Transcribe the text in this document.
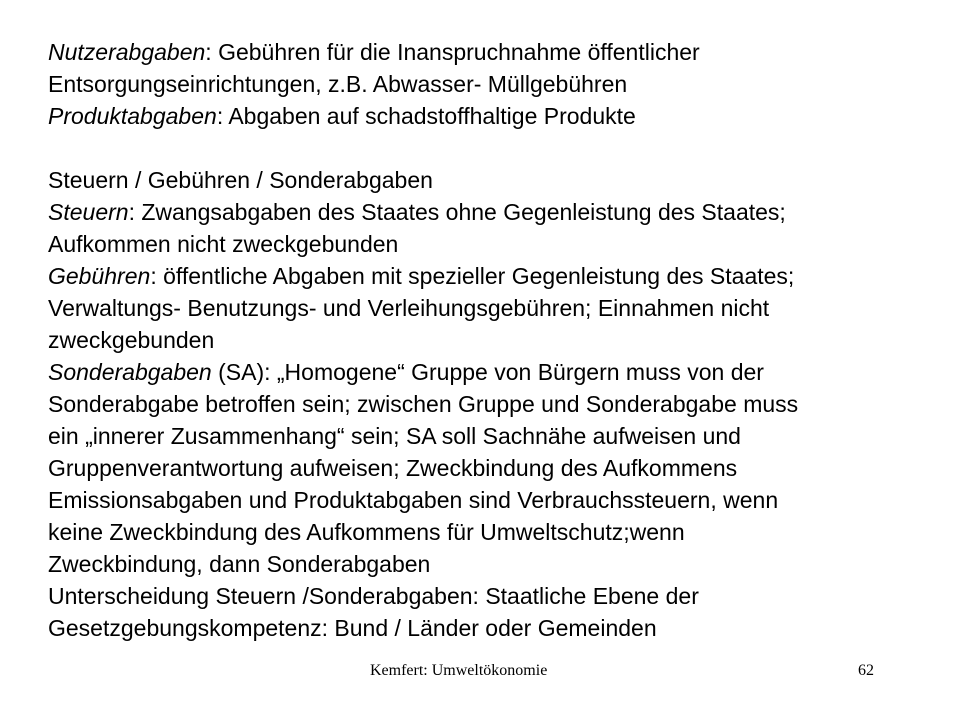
Nutzerabgaben: Gebühren für die Inanspruchnahme öffentlicher
Entsorgungseinrichtungen, z.B. Abwasser- Müllgebühren
Produktabgaben: Abgaben auf schadstoffhaltige Produkte
Steuern / Gebühren / Sonderabgaben
Steuern: Zwangsabgaben des Staates ohne Gegenleistung des Staates;
Aufkommen nicht zweckgebunden
Gebühren: öffentliche Abgaben mit spezieller Gegenleistung des Staates;
Verwaltungs- Benutzungs- und Verleihungsgebühren; Einnahmen nicht
zweckgebunden
Sonderabgaben (SA): „Homogene“ Gruppe von Bürgern muss von der
Sonderabgabe betroffen sein; zwischen Gruppe und Sonderabgabe muss
ein „innerer Zusammenhang“ sein; SA soll Sachnähe aufweisen und
Gruppenverantwortung aufweisen; Zweckbindung des Aufkommens
Emissionsabgaben und Produktabgaben sind Verbrauchssteuern, wenn
keine Zweckbindung des Aufkommens für Umweltschutz;wenn
Zweckbindung, dann Sonderabgaben
Unterscheidung Steuern /Sonderabgaben: Staatliche Ebene der
Gesetzgebungskompetenz: Bund / Länder oder Gemeinden
Kemfert: Umweltökonomie	62
